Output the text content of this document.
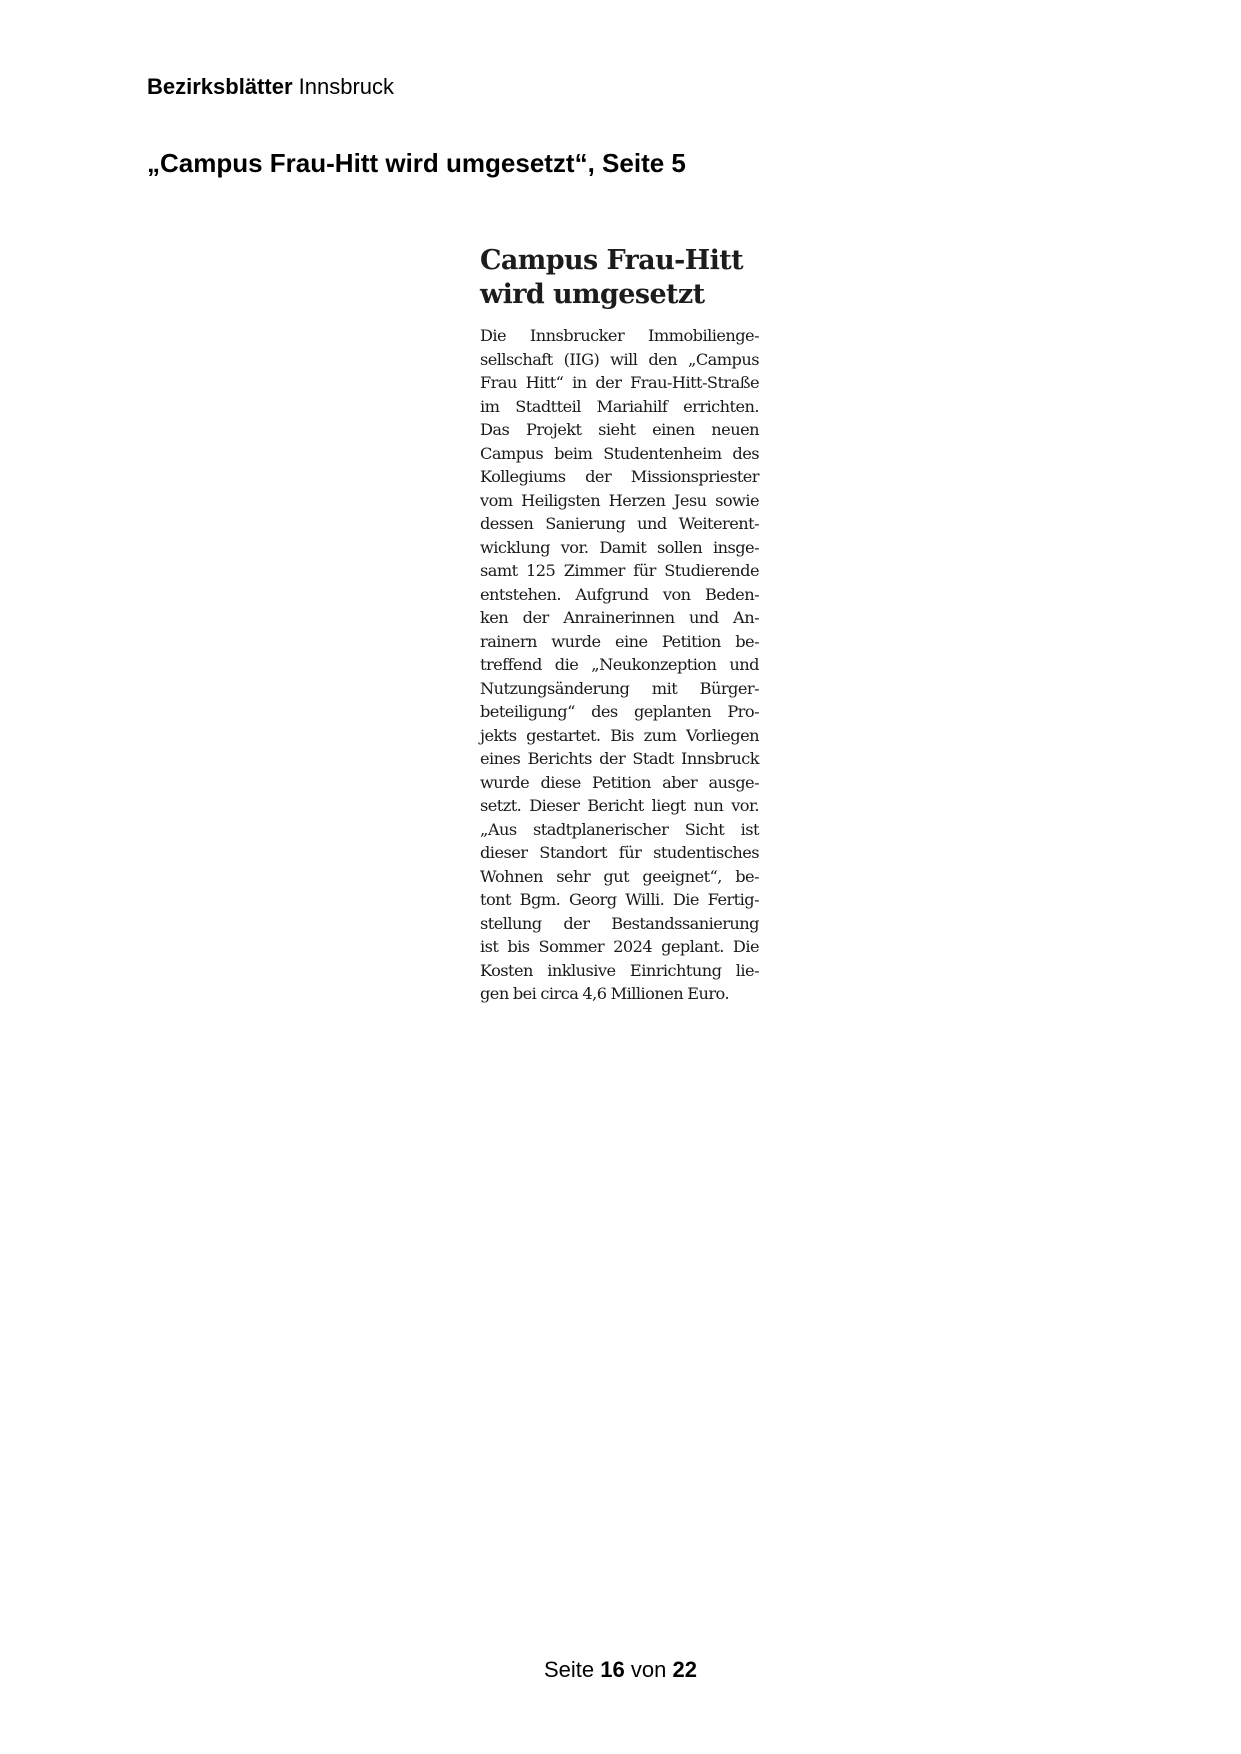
Bezirksblätter Innsbruck
„Campus Frau-Hitt wird umgesetzt“, Seite 5
Campus Frau-Hitt
wird umgesetzt
Die Innsbrucker Immobilienge-
sellschaft (IIG) will den „Campus
Frau Hitt“ in der Frau-Hitt-Straße
im Stadtteil Mariahilf errichten.
Das Projekt sieht einen neuen
Campus beim Studentenheim des
Kollegiums der Missionspriester
vom Heiligsten Herzen Jesu sowie
dessen Sanierung und Weiterent-
wicklung vor. Damit sollen insge-
samt 125 Zimmer für Studierende
entstehen. Aufgrund von Beden-
ken der Anrainerinnen und An-
rainern wurde eine Petition be-
treffend die „Neukonzeption und
Nutzungsänderung mit Bürger-
beteiligung“ des geplanten Pro-
jekts gestartet. Bis zum Vorliegen
eines Berichts der Stadt Innsbruck
wurde diese Petition aber ausge-
setzt. Dieser Bericht liegt nun vor.
„Aus stadtplanerischer Sicht ist
dieser Standort für studentisches
Wohnen sehr gut geeignet“, be-
tont Bgm. Georg Willi. Die Fertig-
stellung der Bestandssanierung
ist bis Sommer 2024 geplant. Die
Kosten inklusive Einrichtung lie-
gen bei circa 4,6 Millionen Euro.
Seite 16 von 22
